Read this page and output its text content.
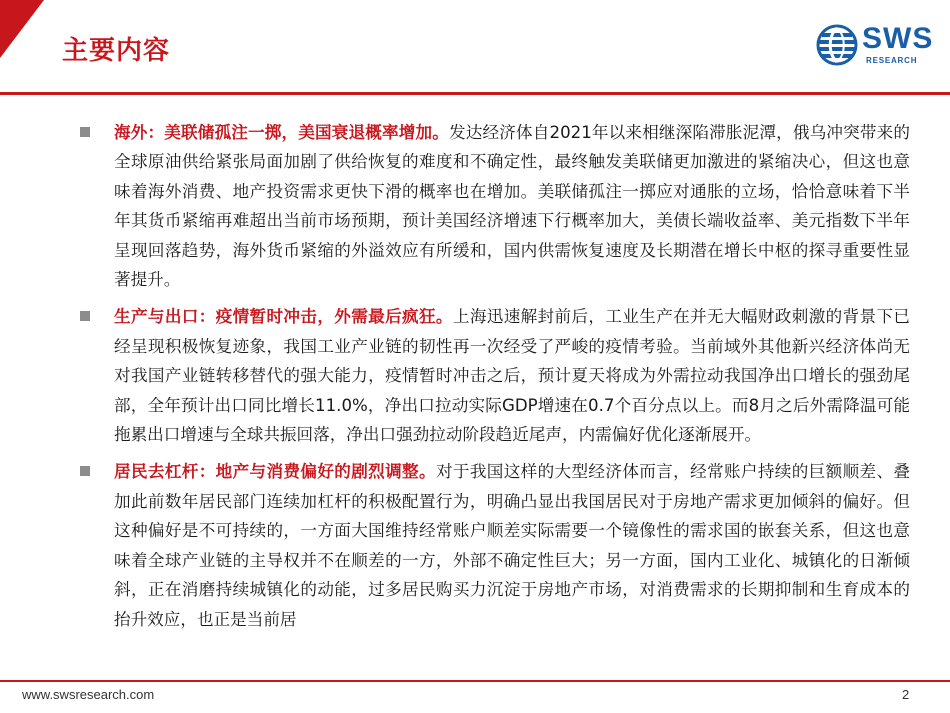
主要内容	SWS
RESEARCH
海外：美联储孤注一掷，美国衰退概率增加。发达经济体自2021年以来相继深陷滞胀泥潭，俄乌冲突带来的全球原油供给紧张局面加剧了供给恢复的难度和不确定性，最终触发美联储更加激进的紧缩决心，但这也意味着海外消费、地产投资需求更快下滑的概率也在增加。美联储孤注一掷应对通胀的立场，恰恰意味着下半年其货币紧缩再难超出当前市场预期，预计美国经济增速下行概率加大，美债长端收益率、美元指数下半年呈现回落趋势，海外货币紧缩的外溢效应有所缓和，国内供需恢复速度及长期潜在增长中枢的探寻重要性显著提升。
生产与出口：疫情暂时冲击，外需最后疯狂。上海迅速解封前后，工业生产在并无大幅财政刺激的背景下已经呈现积极恢复迹象，我国工业产业链的韧性再一次经受了严峻的疫情考验。当前域外其他新兴经济体尚无对我国产业链转移替代的强大能力，疫情暂时冲击之后，预计夏天将成为外需拉动我国净出口增长的强劲尾部，全年预计出口同比增长11.0%，净出口拉动实际GDP增速在0.7个百分点以上。而8月之后外需降温可能拖累出口增速与全球共振回落，净出口强劲拉动阶段趋近尾声，内需偏好优化逐渐展开。
居民去杠杆：地产与消费偏好的剧烈调整。对于我国这样的大型经济体而言，经常账户持续的巨额顺差、叠加此前数年居民部门连续加杠杆的积极配置行为，明确凸显出我国居民对于房地产需求更加倾斜的偏好。但这种偏好是不可持续的，一方面大国维持经常账户顺差实际需要一个镜像性的需求国的嵌套关系，但这也意味着全球产业链的主导权并不在顺差的一方，外部不确定性巨大；另一方面，国内工业化、城镇化的日渐倾斜，正在消磨持续城镇化的动能，过多居民购买力沉淀于房地产市场，对消费需求的长期抑制和生育成本的抬升效应，也正是当前居
www.swsresearch.com	2
